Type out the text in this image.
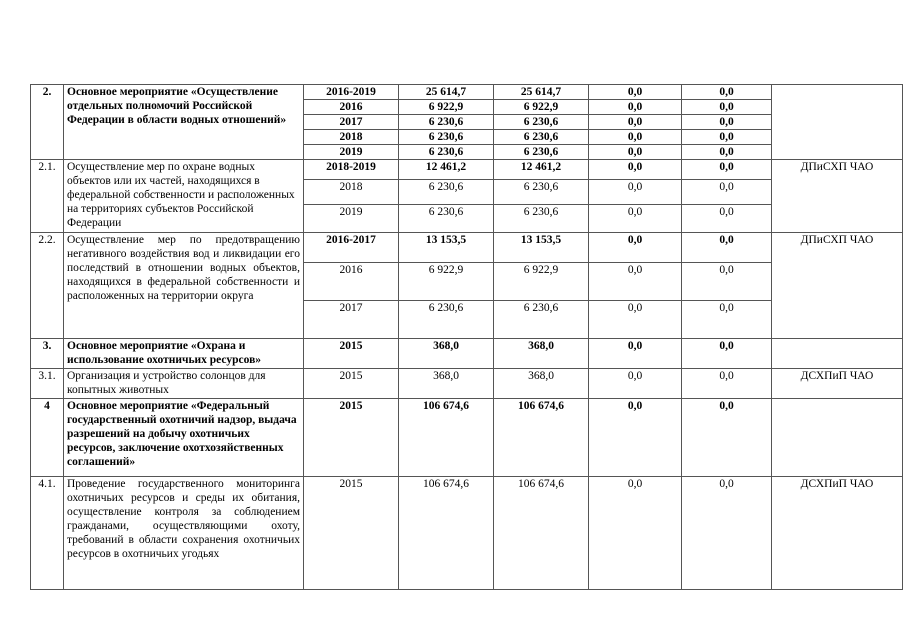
2.	Основное мероприятие «Осуществление отдельных полномочий Российской Федерации в области водных отношений»	2016-2019	25 614,7	25 614,7	0,0	0,0	
		2016	6 922,9	6 922,9	0,0	0,0	
		2017	6 230,6	6 230,6	0,0	0,0	
		2018	6 230,6	6 230,6	0,0	0,0	
		2019	6 230,6	6 230,6	0,0	0,0	
2.1.	Осуществление мер по охране водных объектов или их частей, находящихся в федеральной собственности и расположенных на территориях субъектов Российской Федерации	2018-2019	12 461,2	12 461,2	0,0	0,0	ДПиСХП ЧАО
		2018	6 230,6	6 230,6	0,0	0,0	
		2019	6 230,6	6 230,6	0,0	0,0	
2.2.	Осуществление мер по предотвращению негативного воздействия вод и ликвидации его последствий в отношении водных объектов, находящихся в федеральной собственности и расположенных на территории округа	2016-2017	13 153,5	13 153,5	0,0	0,0	ДПиСХП ЧАО
		2016	6 922,9	6 922,9	0,0	0,0	
		2017	6 230,6	6 230,6	0,0	0,0	
3.	Основное мероприятие «Охрана и использование охотничьих ресурсов»	2015	368,0	368,0	0,0	0,0	
3.1.	Организация и устройство солонцов для копытных животных	2015	368,0	368,0	0,0	0,0	ДСХПиП ЧАО
4	Основное мероприятие «Федеральный государственный охотничий надзор, выдача разрешений на добычу охотничьих ресурсов, заключение охотхозяйственных соглашений»	2015	106 674,6	106 674,6	0,0	0,0	
4.1.	Проведение государственного мониторинга охотничьих ресурсов и среды их обитания, осуществление контроля за соблюдением гражданами, осуществляющими охоту, требований в области сохранения охотничьих ресурсов в охотничьих угодьях	2015	106 674,6	106 674,6	0,0	0,0	ДСХПиП ЧАО
